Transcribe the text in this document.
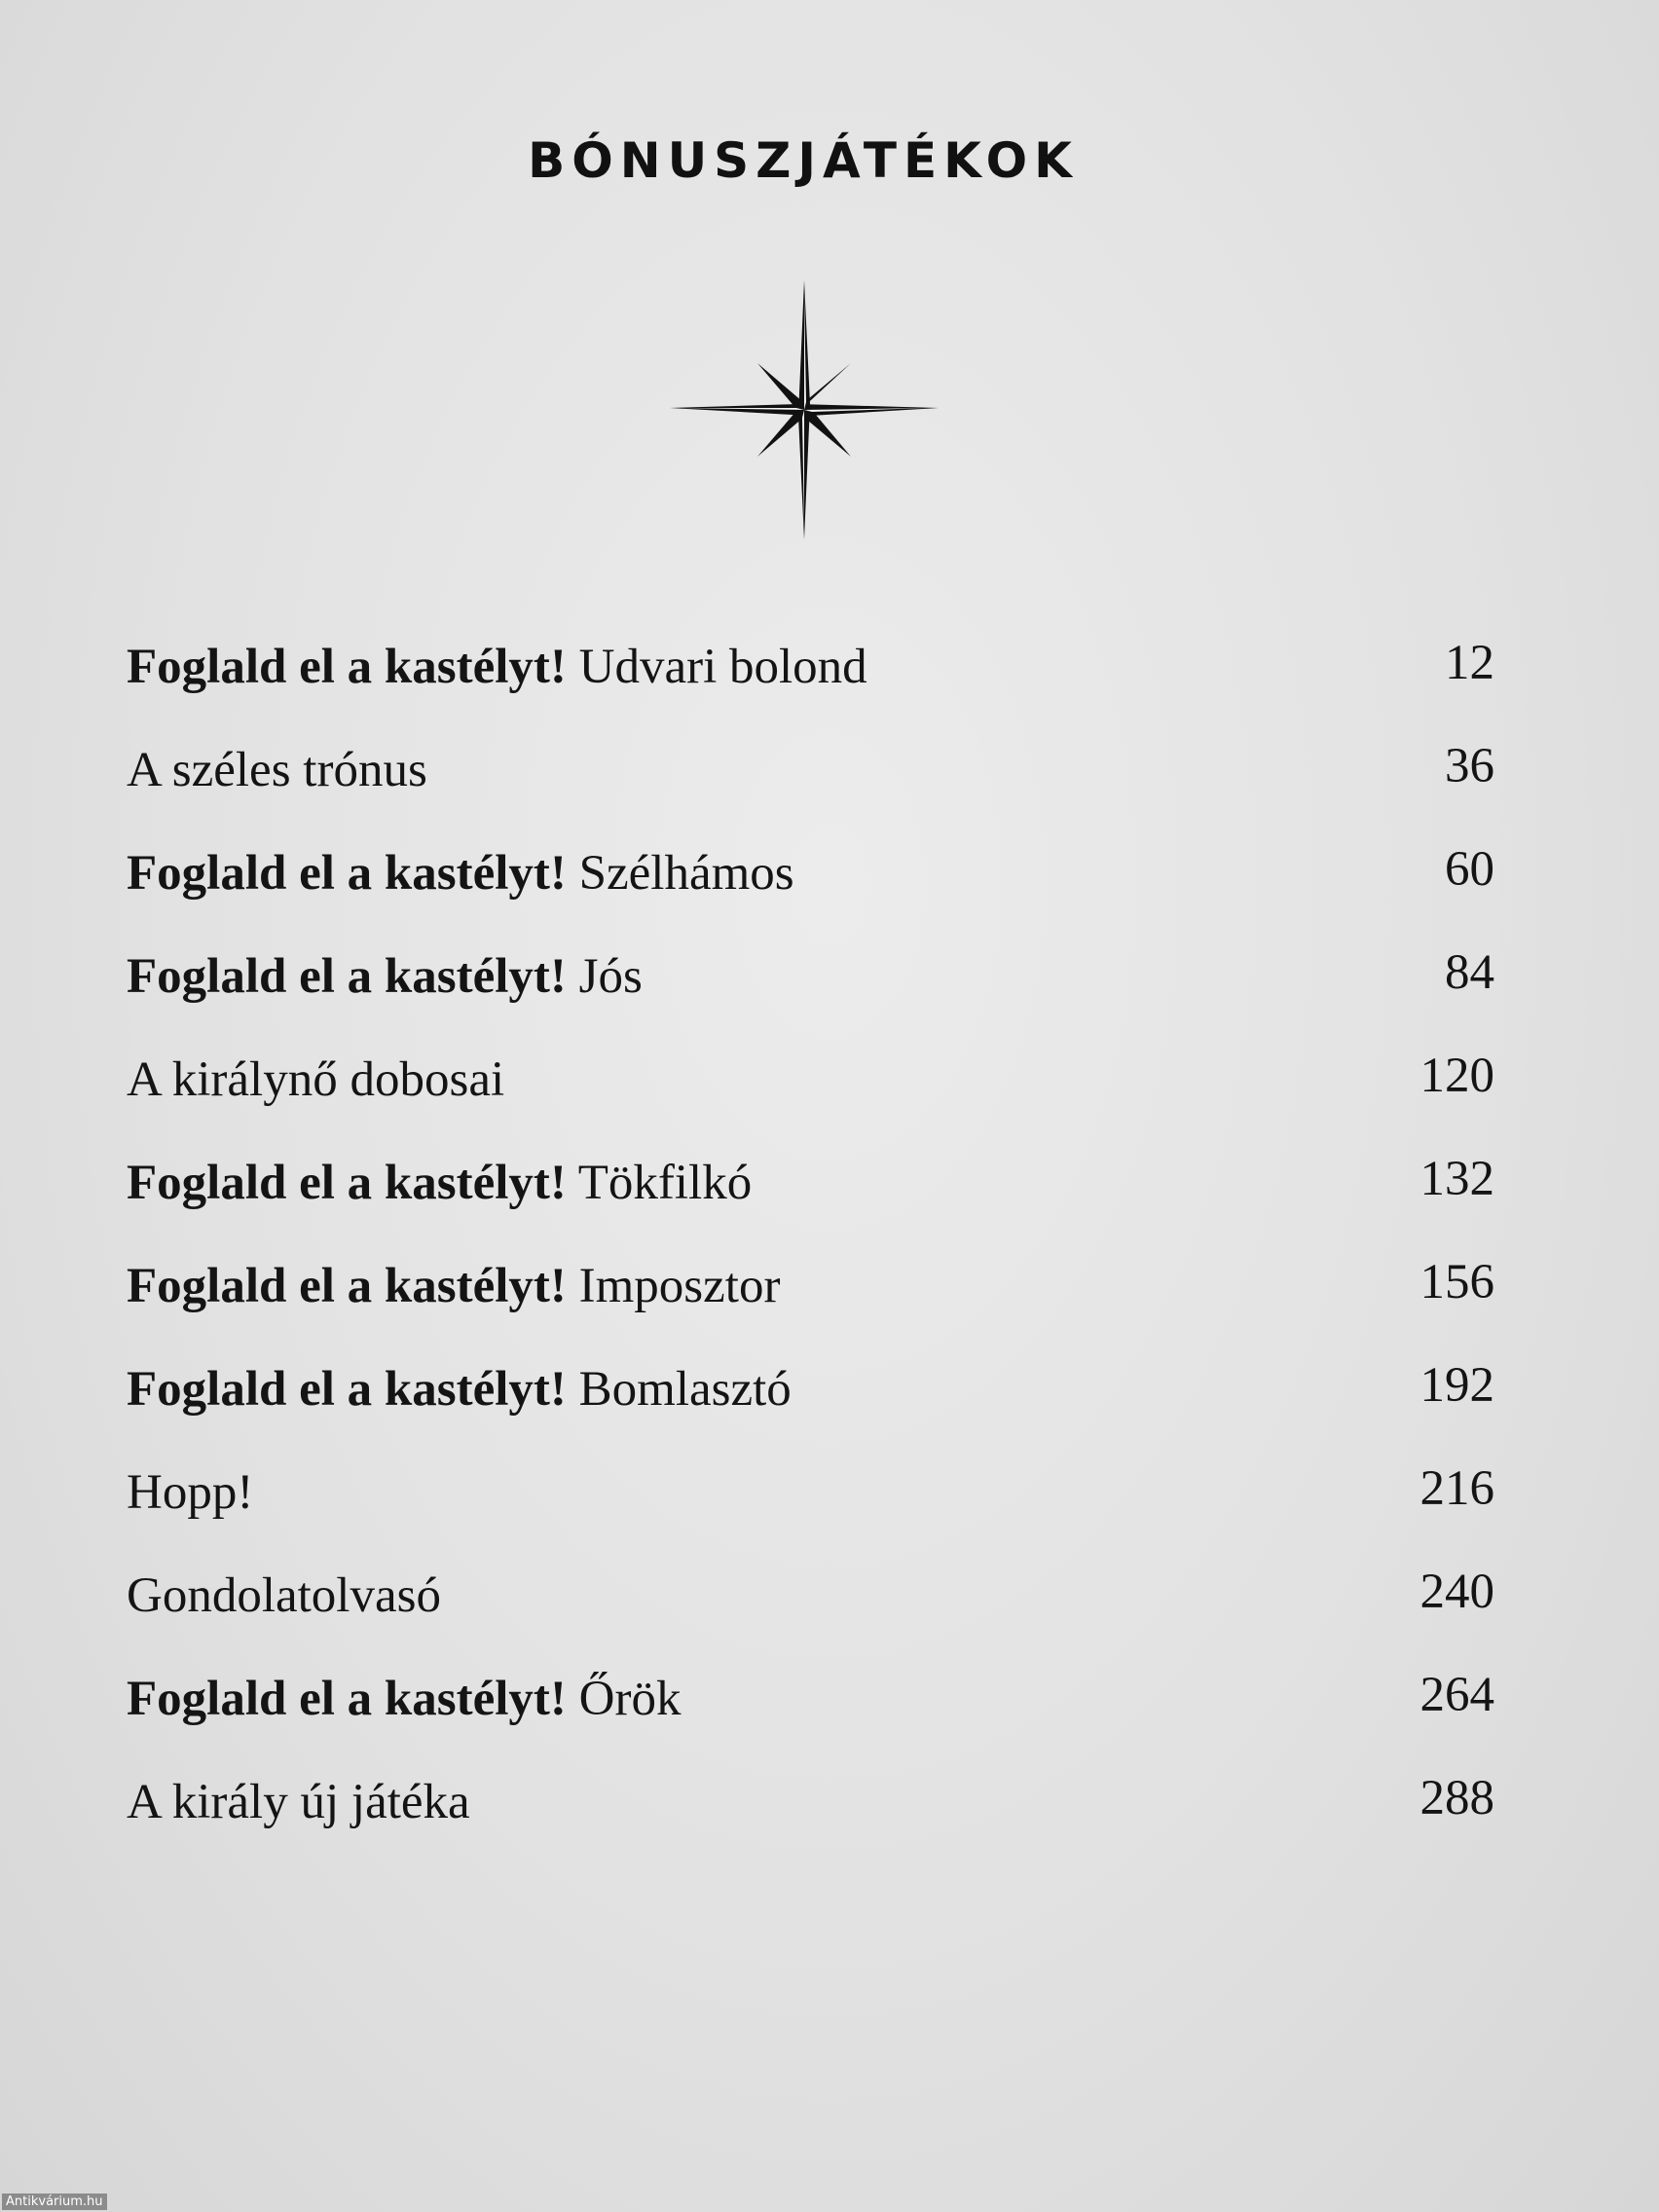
BÓNUSZJÁTÉKOK
Foglald el a kastélyt! Udvari bolond	12
A széles trónus	36
Foglald el a kastélyt! Szélhámos	60
Foglald el a kastélyt! Jós	84
A királynő dobosai	120
Foglald el a kastélyt! Tökfilkó	132
Foglald el a kastélyt! Imposztor	156
Foglald el a kastélyt! Bomlasztó	192
Hopp!	216
Gondolatolvasó	240
Foglald el a kastélyt! Őrök	264
A király új játéka	288
Antikvárium.hu
